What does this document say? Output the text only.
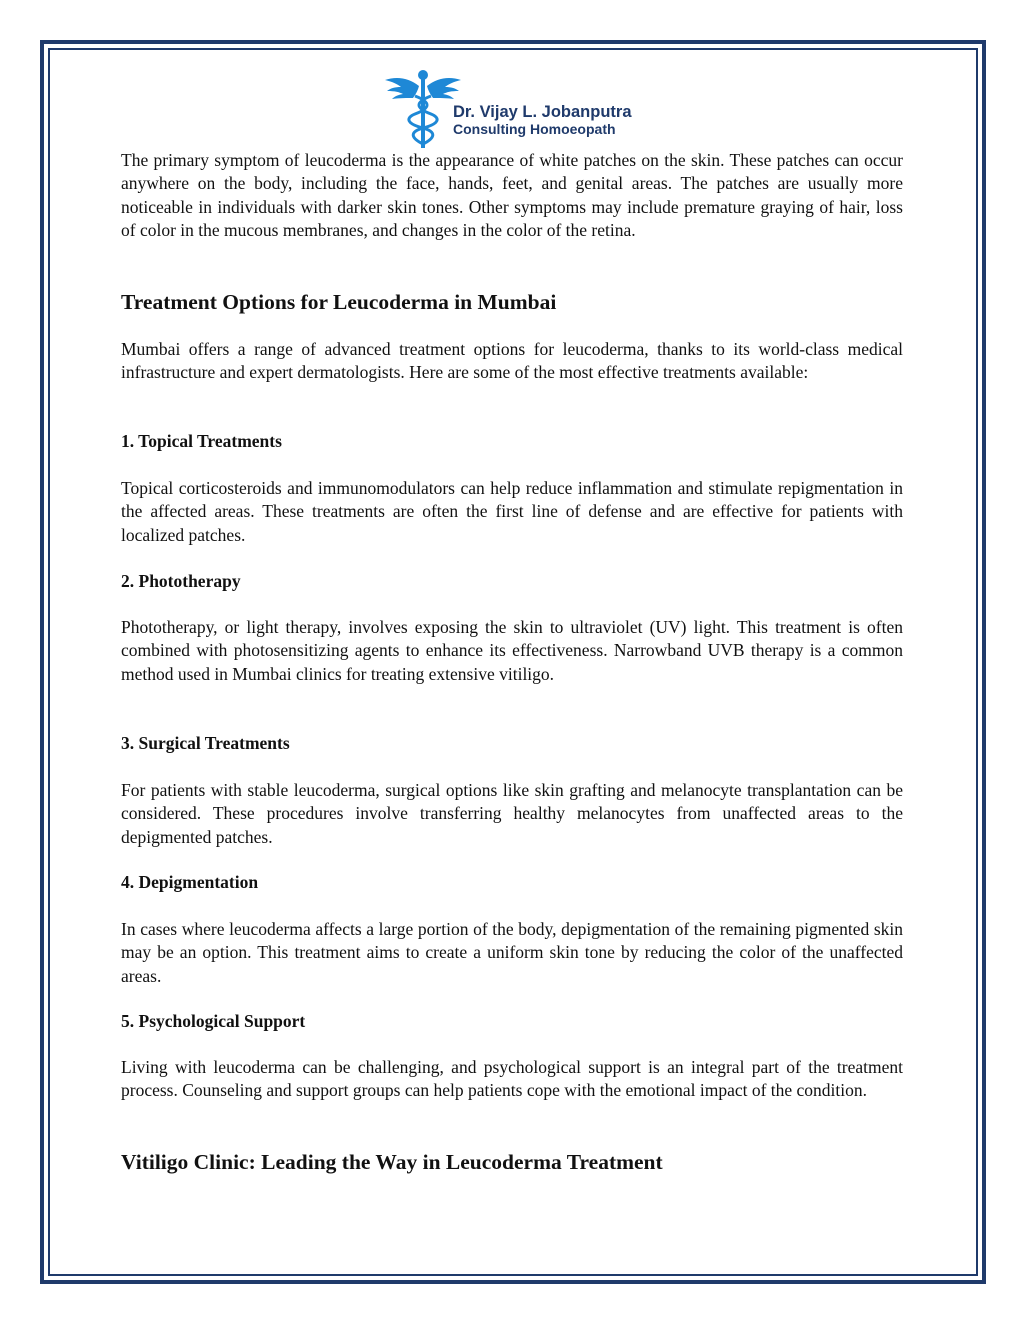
Dr. Vijay L. Jobanputra
Consulting Homoeopath

The primary symptom of leucoderma is the appearance of white patches on the skin. These patches can occur anywhere on the body, including the face, hands, feet, and genital areas. The patches are usually more noticeable in individuals with darker skin tones. Other symptoms may include premature graying of hair, loss of color in the mucous membranes, and changes in the color of the retina.

Treatment Options for Leucoderma in Mumbai

Mumbai offers a range of advanced treatment options for leucoderma, thanks to its world-class medical infrastructure and expert dermatologists. Here are some of the most effective treatments available:

1. Topical Treatments

Topical corticosteroids and immunomodulators can help reduce inflammation and stimulate repigmentation in the affected areas. These treatments are often the first line of defense and are effective for patients with localized patches.

2. Phototherapy

Phototherapy, or light therapy, involves exposing the skin to ultraviolet (UV) light. This treatment is often combined with photosensitizing agents to enhance its effectiveness. Narrowband UVB therapy is a common method used in Mumbai clinics for treating extensive vitiligo.

3. Surgical Treatments

For patients with stable leucoderma, surgical options like skin grafting and melanocyte transplantation can be considered. These procedures involve transferring healthy melanocytes from unaffected areas to the depigmented patches.

4. Depigmentation

In cases where leucoderma affects a large portion of the body, depigmentation of the remaining pigmented skin may be an option. This treatment aims to create a uniform skin tone by reducing the color of the unaffected areas.

5. Psychological Support

Living with leucoderma can be challenging, and psychological support is an integral part of the treatment process. Counseling and support groups can help patients cope with the emotional impact of the condition.

Vitiligo Clinic: Leading the Way in Leucoderma Treatment
